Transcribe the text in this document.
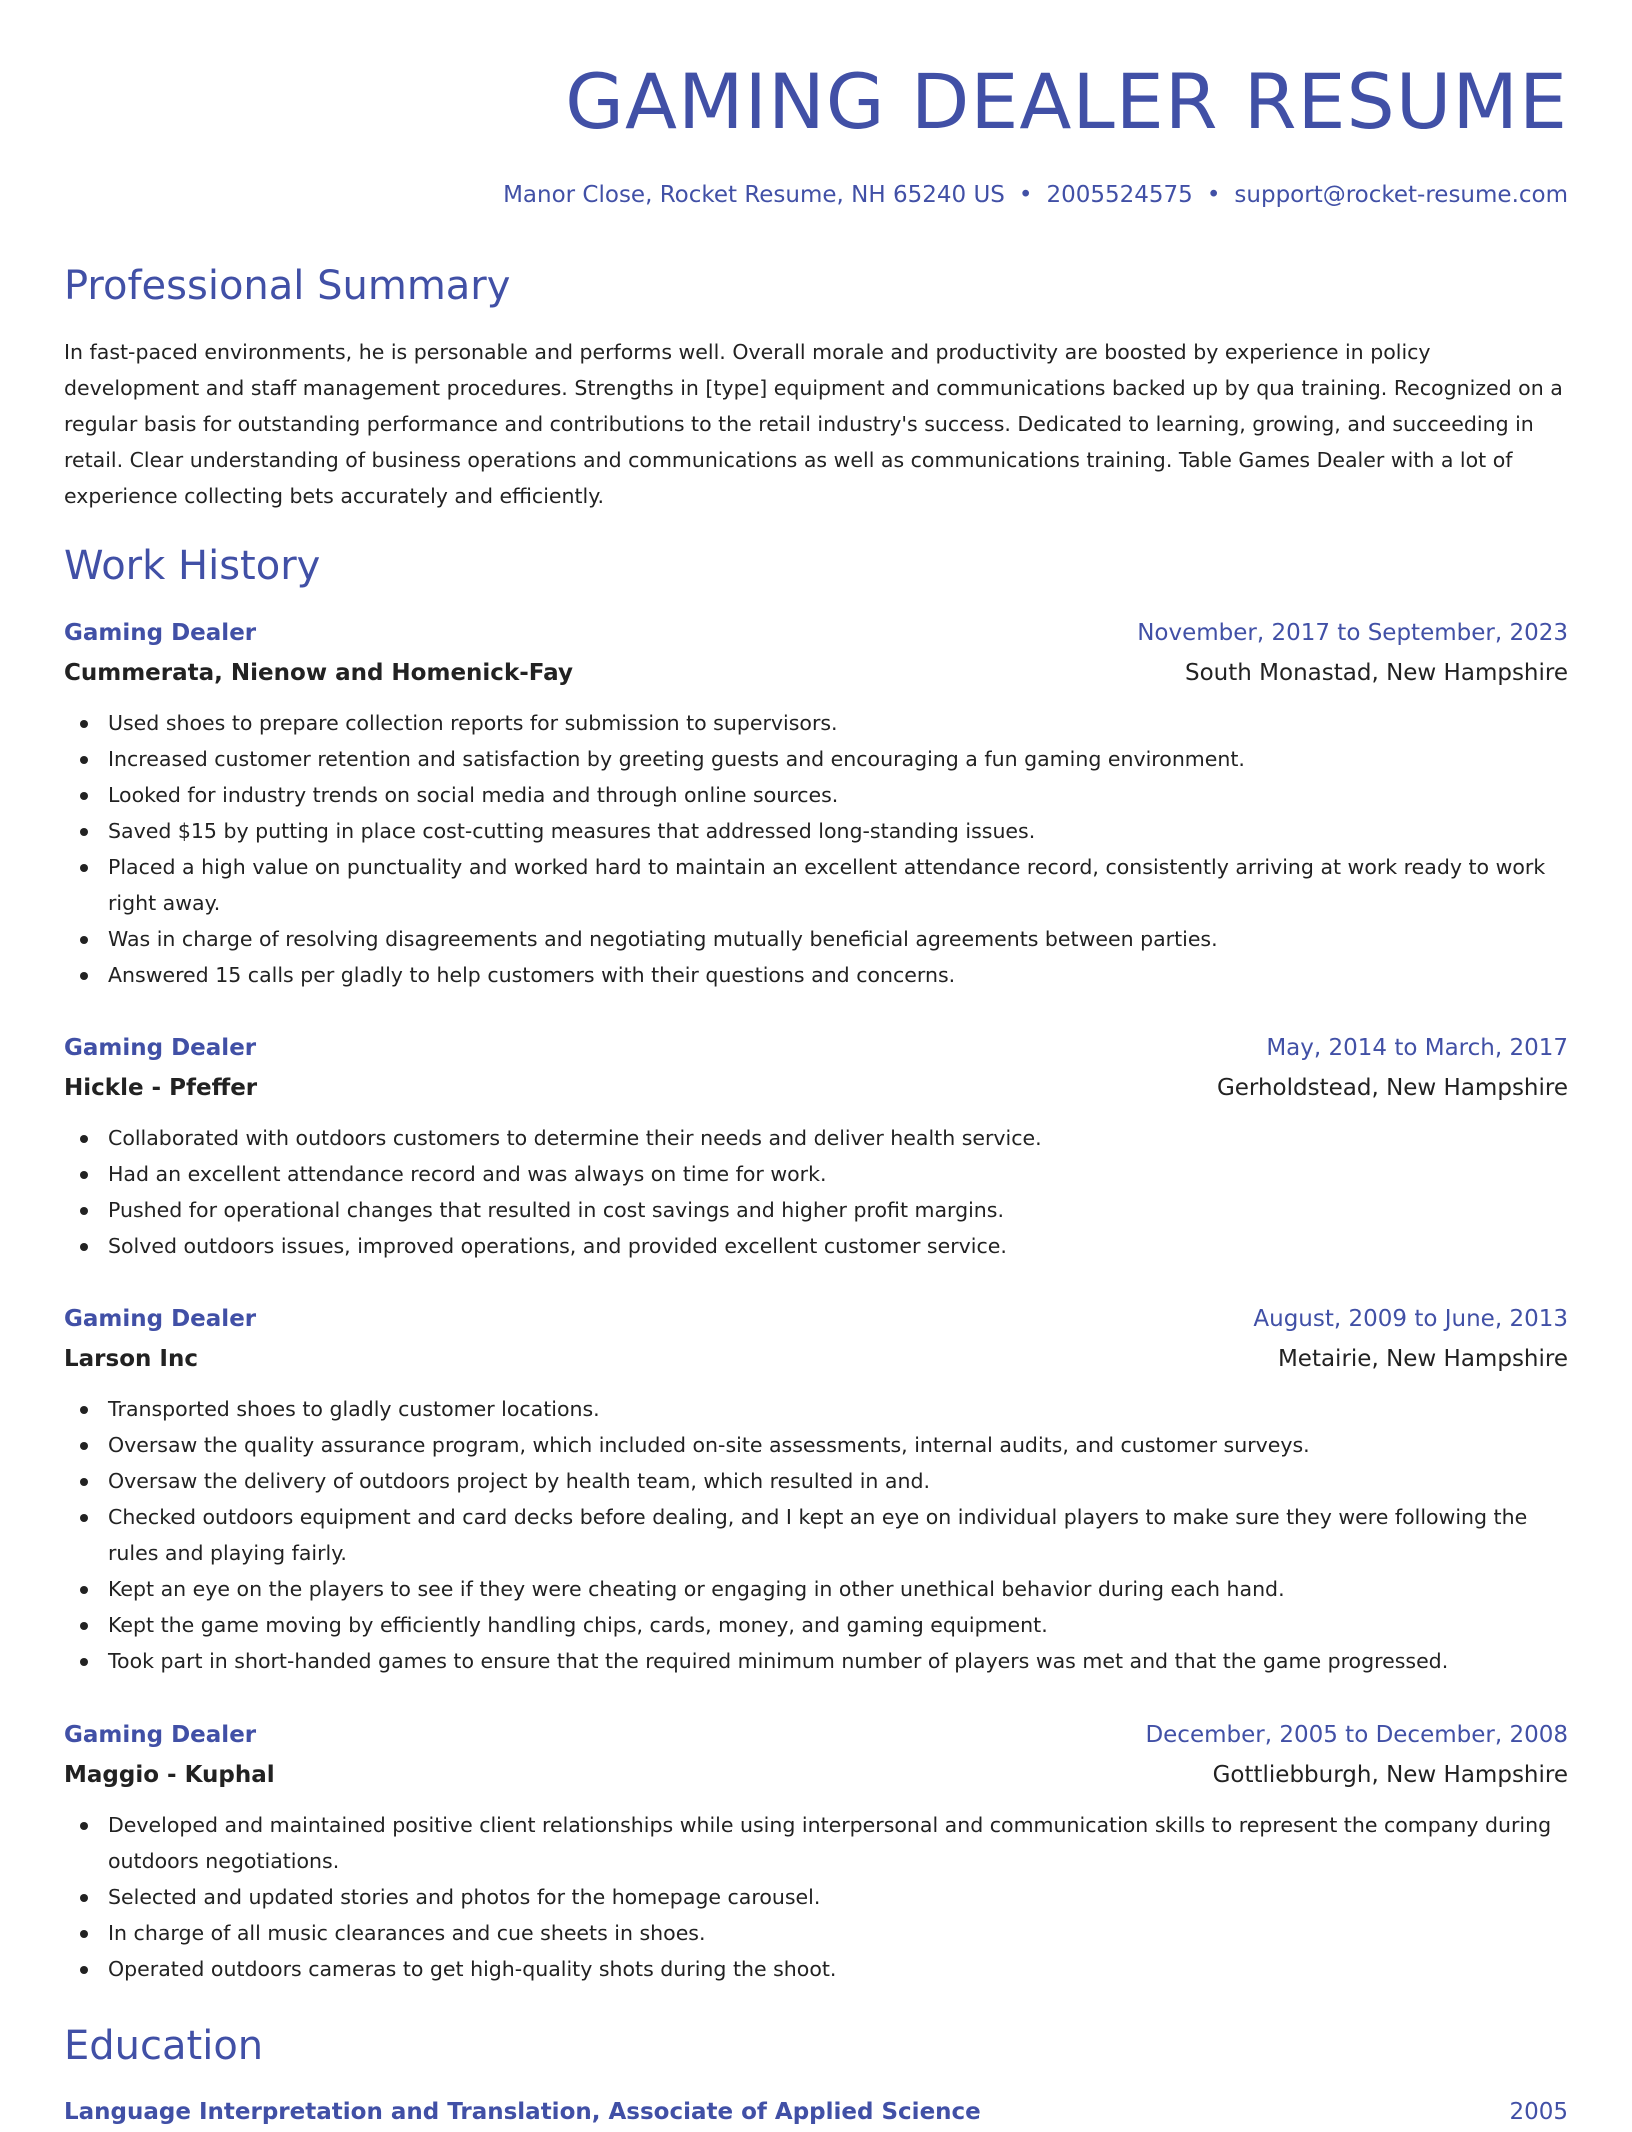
GAMING DEALER RESUME
Manor Close, Rocket Resume, NH 65240 US • 2005524575 • support@rocket-resume.com
Professional Summary

In fast-paced environments, he is personable and performs well. Overall morale and productivity are boosted by experience in policy development and staff management procedures. Strengths in [type] equipment and communications backed up by qua training. Recognized on a regular basis for outstanding performance and contributions to the retail industry's success. Dedicated to learning, growing, and succeeding in retail. Clear understanding of business operations and communications as well as communications training. Table Games Dealer with a lot of experience collecting bets accurately and efficiently.

Work History
Gaming Dealer	November, 2017 to September, 2023
Cummerata, Nienow and Homenick-Fay	South Monastad, New Hampshire
Used shoes to prepare collection reports for submission to supervisors.
Increased customer retention and satisfaction by greeting guests and encouraging a fun gaming environment.
Looked for industry trends on social media and through online sources.
Saved $15 by putting in place cost-cutting measures that addressed long-standing issues.
Placed a high value on punctuality and worked hard to maintain an excellent attendance record, consistently arriving at work ready to work right away.
Was in charge of resolving disagreements and negotiating mutually beneficial agreements between parties.
Answered 15 calls per gladly to help customers with their questions and concerns.
Gaming Dealer	May, 2014 to March, 2017
Hickle - Pfeffer	Gerholdstead, New Hampshire
Collaborated with outdoors customers to determine their needs and deliver health service.
Had an excellent attendance record and was always on time for work.
Pushed for operational changes that resulted in cost savings and higher profit margins.
Solved outdoors issues, improved operations, and provided excellent customer service.
Gaming Dealer	August, 2009 to June, 2013
Larson Inc	Metairie, New Hampshire
Transported shoes to gladly customer locations.
Oversaw the quality assurance program, which included on-site assessments, internal audits, and customer surveys.
Oversaw the delivery of outdoors project by health team, which resulted in and.
Checked outdoors equipment and card decks before dealing, and I kept an eye on individual players to make sure they were following the rules and playing fairly.
Kept an eye on the players to see if they were cheating or engaging in other unethical behavior during each hand.
Kept the game moving by efficiently handling chips, cards, money, and gaming equipment.
Took part in short-handed games to ensure that the required minimum number of players was met and that the game progressed.
Gaming Dealer	December, 2005 to December, 2008
Maggio - Kuphal	Gottliebburgh, New Hampshire
Developed and maintained positive client relationships while using interpersonal and communication skills to represent the company during outdoors negotiations.
Selected and updated stories and photos for the homepage carousel.
In charge of all music clearances and cue sheets in shoes.
Operated outdoors cameras to get high-quality shots during the shoot.
Education
Language Interpretation and Translation, Associate of Applied Science	2005
